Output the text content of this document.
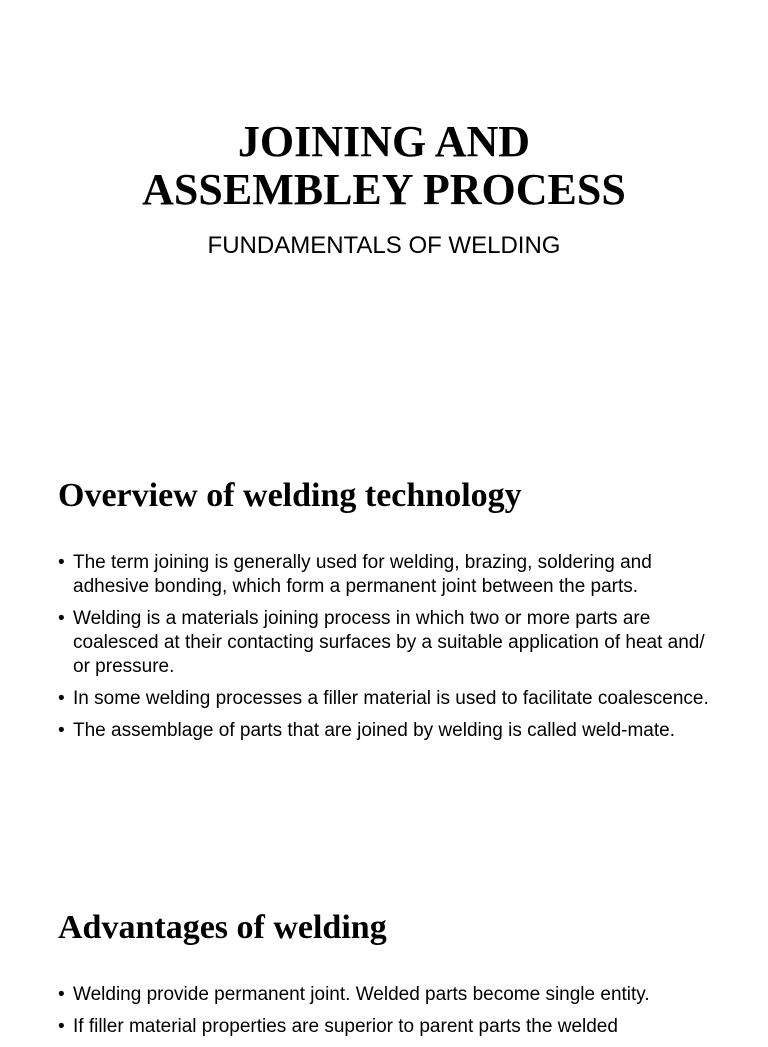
JOINING AND
ASSEMBLEY PROCESS

FUNDAMENTALS OF WELDING

Overview of welding technology
• The term joining is generally used for welding, brazing, soldering and adhesive bonding, which form a permanent joint between the parts.
• Welding is a materials joining process in which two or more parts are coalesced at their contacting surfaces by a suitable application of heat and/ or pressure.
• In some welding processes a filler material is used to facilitate coalescence.
• The assemblage of parts that are joined by welding is called weld-mate.
Advantages of welding
• Welding provide permanent joint. Welded parts become single entity.
• If filler material properties are superior to parent parts the welded
